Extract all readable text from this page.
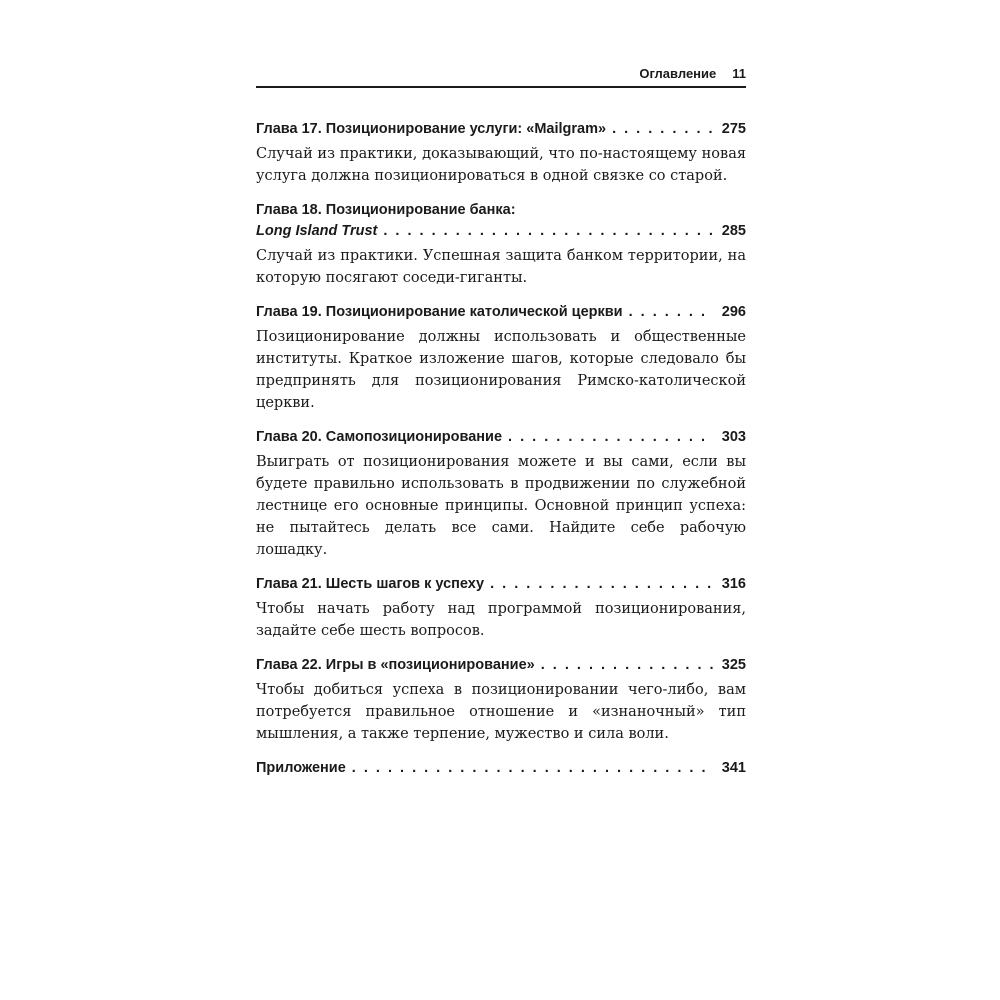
Оглавление 11
Глава 17. Позиционирование услуги: «Mailgram» . . .	275
Случай из практики, доказывающий, что по-настоящему новая услуга должна позиционироваться в одной связке со старой.
Глава 18. Позиционирование банка:
Long Island Trust . . .	285
Случай из практики. Успешная защита банком территории, на которую посягают соседи-гиганты.
Глава 19. Позиционирование католической церкви . . .	296
Позиционирование должны использовать и общественные институты. Краткое изложение шагов, которые следовало бы предпринять для позиционирования Римско-католической церкви.
Глава 20. Самопозиционирование . . .	303
Выиграть от позиционирования можете и вы сами, если вы будете правильно использовать в продвижении по служебной лестнице его основные принципы. Основной принцип успеха: не пытайтесь делать все сами. Найдите себе рабочую лошадку.
Глава 21. Шесть шагов к успеху . . .	316
Чтобы начать работу над программой позиционирования, задайте себе шесть вопросов.
Глава 22. Игры в «позиционирование» . . .	325
Чтобы добиться успеха в позиционировании чего-либо, вам потребуется правильное отношение и «изнаночный» тип мышления, а также терпение, мужество и сила воли.
Приложение . . .	341
